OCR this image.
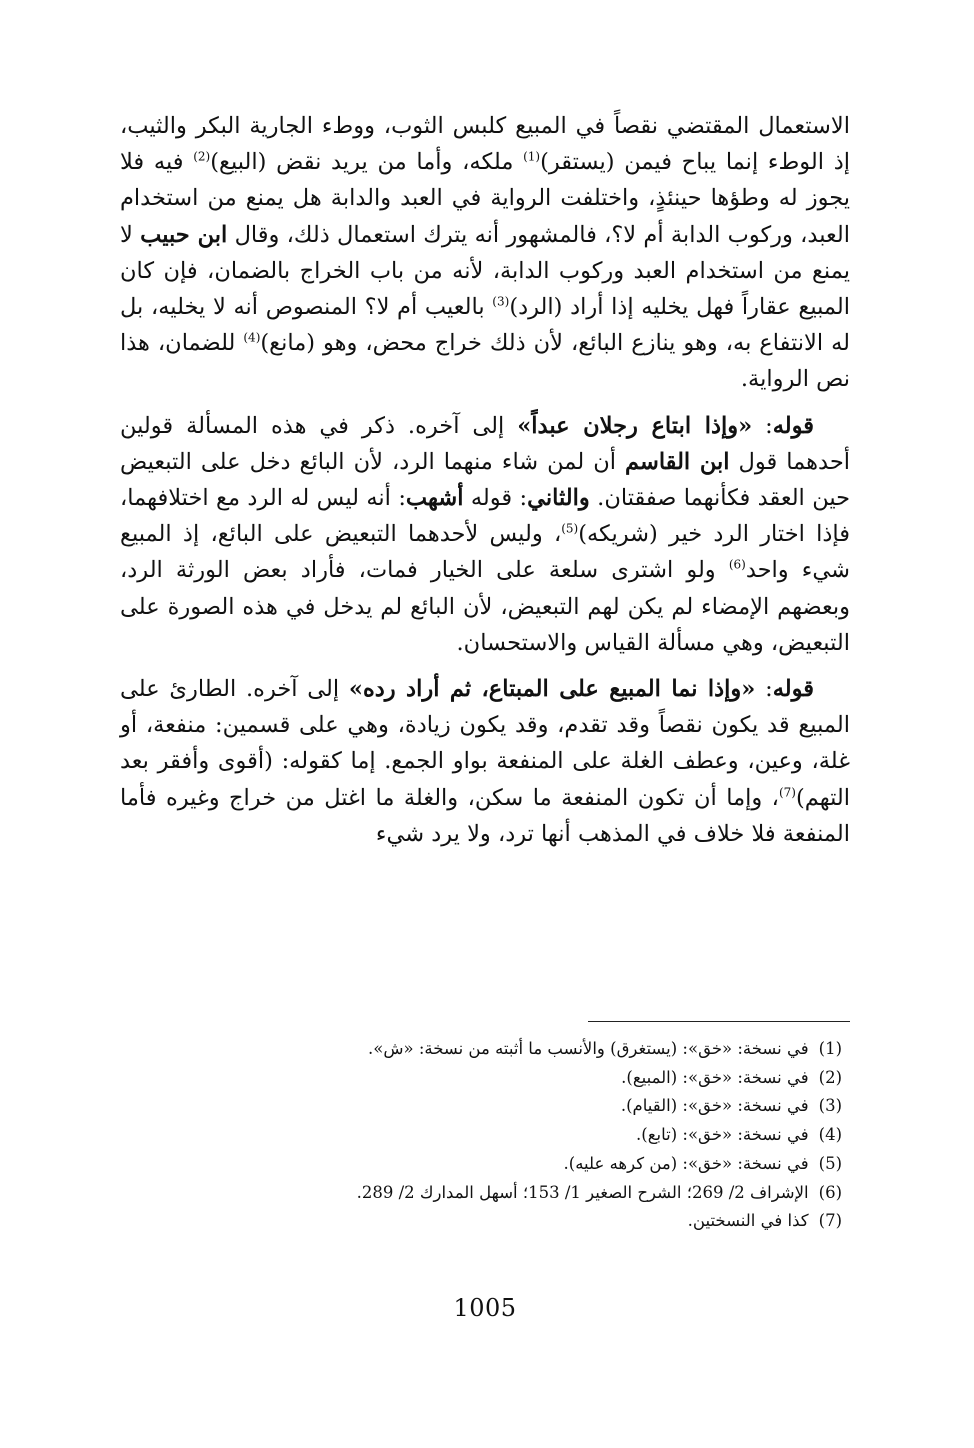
الاستعمال المقتضي نقصاً في المبيع كلبس الثوب، ووطء الجارية البكر والثيب، إذ الوطء إنما يباح فيمن (يستقر)$^{(1)}$ ملكه، وأما من يريد نقض (البيع)$^{(2)}$ فيه فلا يجوز له وطؤها حينئذٍ، واختلفت الرواية في العبد والدابة هل يمنع من استخدام العبد، وركوب الدابة أم لا؟، فالمشهور أنه يترك استعمال ذلك، وقال ابن حبيب لا يمنع من استخدام العبد وركوب الدابة، لأنه من باب الخراج بالضمان، فإن كان المبيع عقاراً فهل يخليه إذا أراد (الرد)$^{(3)}$ بالعيب أم لا؟ المنصوص أنه لا يخليه، بل له الانتفاع به، وهو ينازع البائع، لأن ذلك خراج محض، وهو (مانع)$^{(4)}$ للضمان، هذا نص الرواية.

قوله: «وإذا ابتاع رجلان عبداً» إلى آخره. ذكر في هذه المسألة قولين أحدهما قول ابن القاسم أن لمن شاء منهما الرد، لأن البائع دخل على التبعيض حين العقد فكأنهما صفقتان. والثاني: قوله أشهب: أنه ليس له الرد مع اختلافهما، فإذا اختار الرد خير (شريكه)$^{(5)}$، وليس لأحدهما التبعيض على البائع، إذ المبيع شيء واحد$^{(6)}$ ولو اشترى سلعة على الخيار فمات، فأراد بعض الورثة الرد، وبعضهم الإمضاء لم يكن لهم التبعيض، لأن البائع لم يدخل في هذه الصورة على التبعيض، وهي مسألة القياس والاستحسان.

قوله: «وإذا نما المبيع على المبتاع، ثم أراد رده» إلى آخره. الطارئ على المبيع قد يكون نقصاً وقد تقدم، وقد يكون زيادة، وهي على قسمين: منفعة، أو غلة، وعين، وعطف الغلة على المنفعة بواو الجمع. إما كقوله: (أقوى وأفقر بعد التهم)$^{(7)}$، وإما أن تكون المنفعة ما سكن، والغلة ما اغتل من خراج وغيره فأما المنفعة فلا خلاف في المذهب أنها ترد، ولا يرد شيء

(1)في نسخة: «خق»: (يستغرق) والأنسب ما أثبته من نسخة: «ش».
(2)في نسخة: «خق»: (المبيع).
(3)في نسخة: «خق»: (القيام).
(4)في نسخة: «خق»: (تابع).
(5)في نسخة: «خق»: (من كرهه عليه).
(6)الإشراف 2/ 269؛ الشرح الصغير 1/ 153؛ أسهل المدارك 2/ 289.
(7)كذا في النسختين.
1005
